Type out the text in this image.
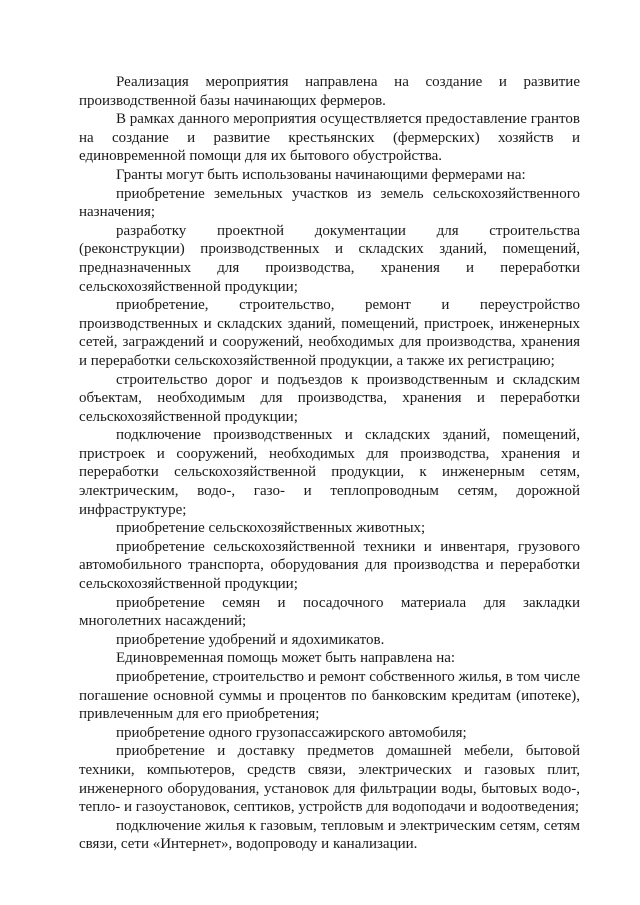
Реализация мероприятия направлена на создание и развитие производственной базы начинающих фермеров.

В рамках данного мероприятия осуществляется предоставление грантов на создание и развитие крестьянских (фермерских) хозяйств и единовременной помощи для их бытового обустройства.

Гранты могут быть использованы начинающими фермерами на:

приобретение земельных участков из земель сельскохозяйственного назначения;

разработку проектной документации для строительства (реконструкции) производственных и складских зданий, помещений, предназначенных для производства, хранения и переработки сельскохозяйственной продукции;

приобретение, строительство, ремонт и переустройство производственных и складских зданий, помещений, пристроек, инженерных сетей, заграждений и сооружений, необходимых для производства, хранения и переработки сельскохозяйственной продукции, а также их регистрацию;

строительство дорог и подъездов к производственным и складским объектам, необходимым для производства, хранения и переработки сельскохозяйственной продукции;

подключение производственных и складских зданий, помещений, пристроек и сооружений, необходимых для производства, хранения и переработки сельскохозяйственной продукции, к инженерным сетям, электрическим, водо-, газо- и теплопроводным сетям, дорожной инфраструктуре;

приобретение сельскохозяйственных животных;

приобретение сельскохозяйственной техники и инвентаря, грузового автомобильного транспорта, оборудования для производства и переработки сельскохозяйственной продукции;

приобретение семян и посадочного материала для закладки многолетних насаждений;

приобретение удобрений и ядохимикатов.

Единовременная помощь может быть направлена на:

приобретение, строительство и ремонт собственного жилья, в том числе погашение основной суммы и процентов по банковским кредитам (ипотеке), привлеченным для его приобретения;

приобретение одного грузопассажирского автомобиля;

приобретение и доставку предметов домашней мебели, бытовой техники, компьютеров, средств связи, электрических и газовых плит, инженерного оборудования, установок для фильтрации воды, бытовых водо-, тепло- и газоустановок, септиков, устройств для водоподачи и водоотведения;

подключение жилья к газовым, тепловым и электрическим сетям, сетям связи, сети «Интернет», водопроводу и канализации.
